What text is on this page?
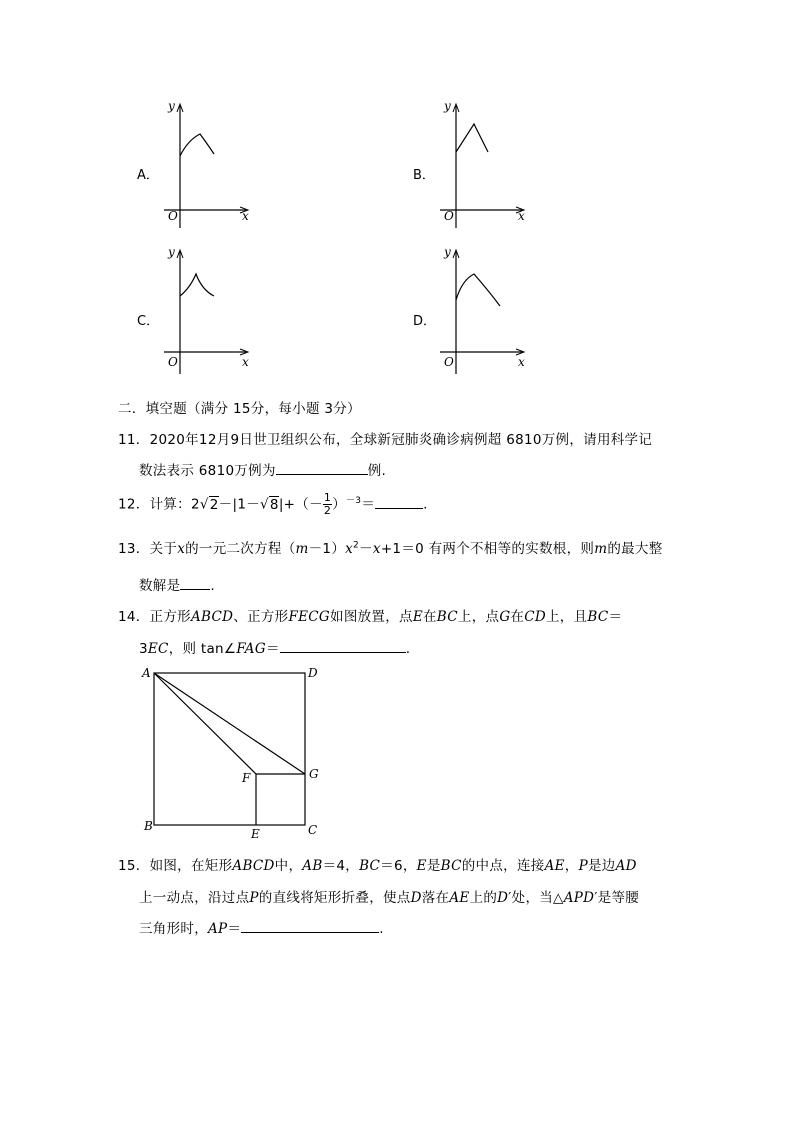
A．
y
O	x
B．
y
O	x
C．
y
O	x
D．
y
O	x
二．填空题（满分 15分，每小题 3分）
11．2020年12月9日世卫组织公布，全球新冠肺炎确诊病例超 6810万例，请用科学记
数法表示 6810万例为	例.
12．计算：$2√2-|1-√8|+(- \frac{1}{2} )^{-3}=$	.
13．关于x的一元二次方程$(m-1)x^2-x+1=0$ 有两个不相等的实数根，则m的最大整
数解是 .
14．正方形ABCD、正方形FECG如图放置，点E在BC上，点G在CD上，且BC＝
3EC，则 tan∠FAG＝	.
A	D
B	C
E
F	G
15．如图，在矩形ABCD中，AB＝4，BC＝6，E是BC的中点，连接AE，P是边AD
上一动点，沿过点P的直线将矩形折叠，使点D落在AE上的D′处，当△APD′是等腰
三角形时，AP＝	.
